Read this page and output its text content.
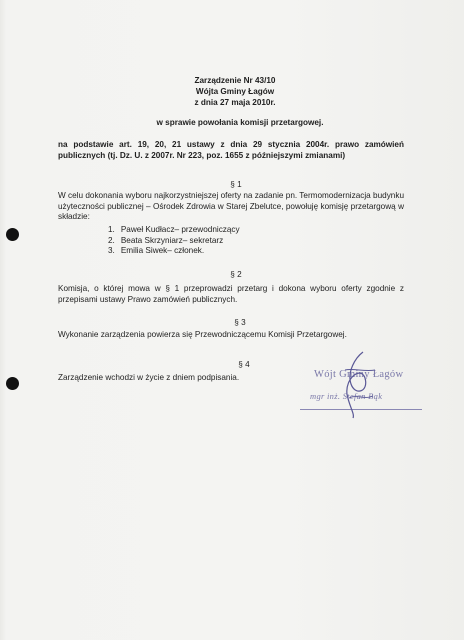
Zarządzenie Nr 43/10
Wójta Gminy Łagów
z dnia 27 maja 2010r.
w sprawie powołania komisji przetargowej.
na podstawie art. 19, 20, 21 ustawy z dnia 29 stycznia 2004r. prawo zamówień publicznych (tj. Dz. U. z 2007r. Nr 223, poz. 1655 z późniejszymi zmianami)
§ 1
W celu dokonania wyboru najkorzystniejszej oferty na zadanie pn. Termomodernizacja budynku użyteczności publicznej – Ośrodek Zdrowia w Starej Zbelutce, powołuję komisję przetargową w składzie:
1. Paweł Kudłacz– przewodniczący
2. Beata Skrzyniarz– sekretarz
3. Emilia Siwek– członek.
§ 2
Komisja, o której mowa w § 1 przeprowadzi przetarg i dokona wyboru oferty zgodnie z przepisami ustawy Prawo zamówień publicznych.
§ 3
Wykonanie zarządzenia powierza się Przewodniczącemu Komisji Przetargowej.
§ 4
Zarządzenie wchodzi w życie z dniem podpisania.	Wójt Gminy Łagów
mgr inż. Stefan Bąk
